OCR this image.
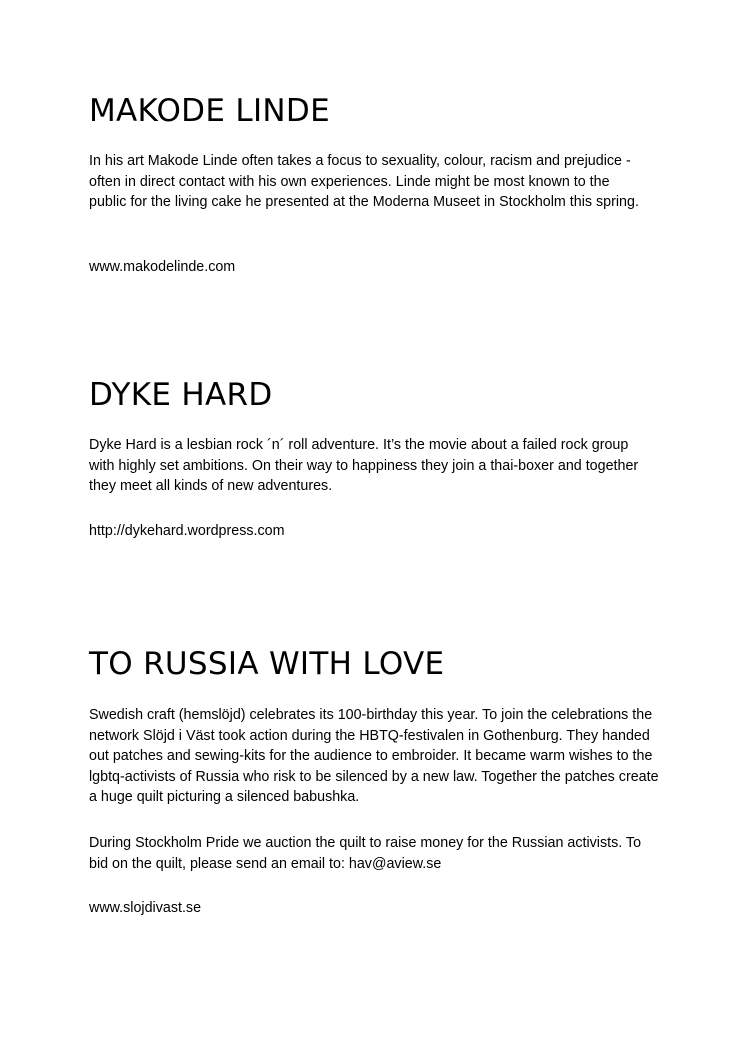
MAKODE LINDE

In his art Makode Linde often takes a focus to sexuality, colour, racism and prejudice - often in direct contact with his own experiences. Linde might be most known to the public for the living cake he presented at the Moderna Museet in Stockholm this spring.

www.makodelinde.com
DYKE HARD

Dyke Hard is a lesbian rock ´n´ roll adventure. It’s the movie about a failed rock group with highly set ambitions. On their way to happiness they join a thai-boxer and together they meet all kinds of new adventures.

http://dykehard.wordpress.com
TO RUSSIA WITH LOVE

Swedish craft (hemslöjd) celebrates its 100-birthday this year. To join the celebrations the network Slöjd i Väst took action during the HBTQ-festivalen in Gothenburg. They handed out patches and sewing-kits for the audience to embroider. It became warm wishes to the lgbtq-activists of Russia who risk to be silenced by a new law. Together the patches create a huge quilt picturing a silenced babushka.

During Stockholm Pride we auction the quilt to raise money for the Russian activists. To bid on the quilt, please send an email to: hav@aview.se

www.slojdivast.se
